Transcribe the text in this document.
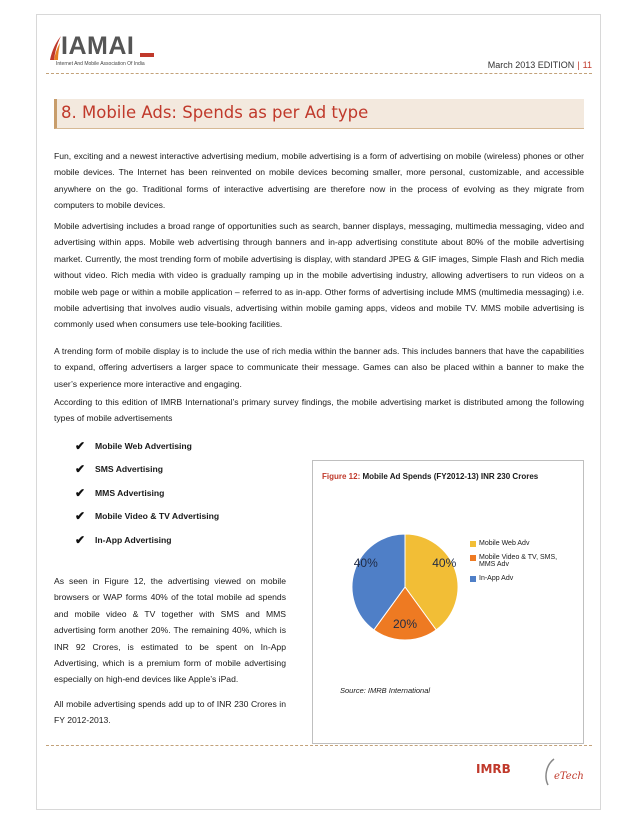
IAMAI
Internet And Mobile Association Of India	March 2013 EDITION | 11
8. Mobile Ads: Spends as per Ad type
Fun, exciting and a newest interactive advertising medium, mobile advertising is a form of advertising on mobile (wireless) phones or other mobile devices. The Internet has been reinvented on mobile devices becoming smaller, more personal, customizable, and accessible anywhere on the go. Traditional forms of interactive advertising are therefore now in the process of evolving as they migrate from computers to mobile devices.
Mobile advertising includes a broad range of opportunities such as search, banner displays, messaging, multimedia messaging, video and advertising within apps. Mobile web advertising through banners and in-app advertising constitute about 80% of the mobile advertising market. Currently, the most trending form of mobile advertising is display, with standard JPEG & GIF images, Simple Flash and Rich media without video. Rich media with video is gradually ramping up in the mobile advertising industry, allowing advertisers to run videos on a mobile web page or within a mobile application – referred to as in-app. Other forms of advertising include MMS (multimedia messaging) i.e. mobile advertising that involves audio visuals, advertising within mobile gaming apps, videos and mobile TV. MMS mobile advertising is commonly used when consumers use tele-booking facilities.
A trending form of mobile display is to include the use of rich media within the banner ads. This includes banners that have the capabilities to expand, offering advertisers a larger space to communicate their message. Games can also be placed within a banner to make the user’s experience more interactive and engaging.
According to this edition of IMRB International’s primary survey findings, the mobile advertising market is distributed among the following types of mobile advertisements
✔	Mobile Web Advertising
✔	SMS Advertising
✔	MMS Advertising
✔	Mobile Video & TV Advertising
✔	In-App Advertising
As seen in Figure 12, the advertising viewed on mobile browsers or WAP forms 40% of the total mobile ad spends and mobile video & TV together with SMS and MMS advertising form another 20%. The remaining 40%, which is INR 92 Crores, is estimated to be spent on In-App Advertising, which is a premium form of mobile advertising especially on high-end devices like Apple’s iPad.
All mobile advertising spends add up to of INR 230 Crores in FY 2012-2013.
Figure 12: Mobile Ad Spends (FY2012-13) INR 230 Crores
40%
20%
40%
Mobile Web Adv
Mobile Video & TV, SMS, MMS Adv
In-App Adv
Source: IMRB International
IMRB
eTech
